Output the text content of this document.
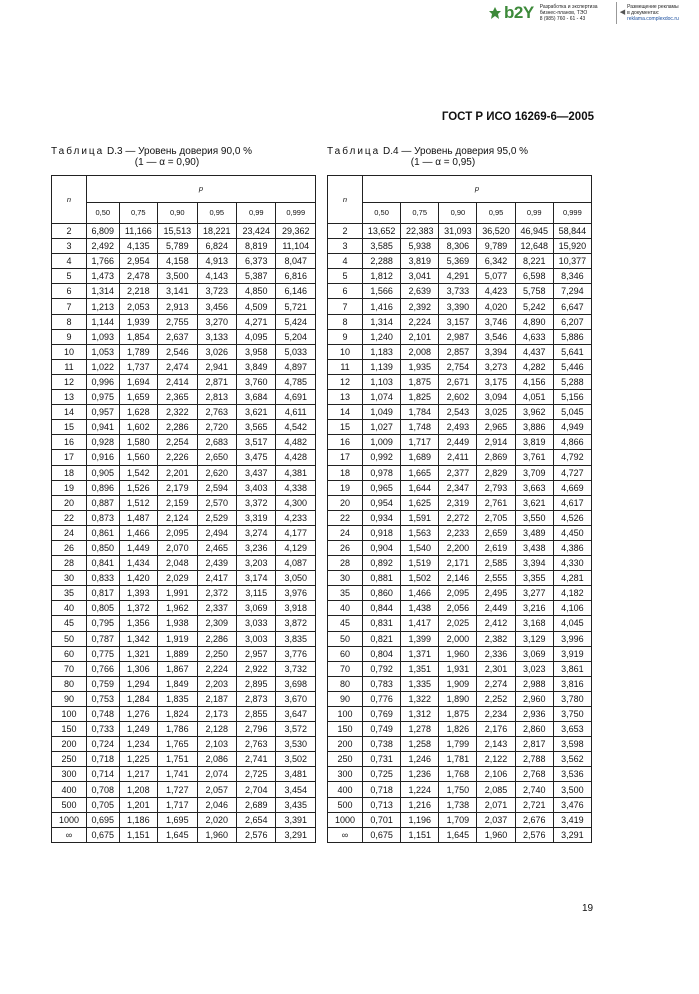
b2Y Разработка и экспертиза
бизнес-планов, ТЭО
8 (985) 760 - 61 - 43
◀
Размещение рекламы
в документах:
reklama.complexdoc.ru
ГОСТ Р ИСО 16269-6—2005
Таблица D.3 — Уровень доверия 90,0 %
(1 — α = 0,90)
Таблица D.4 — Уровень доверия 95,0 %
(1 — α = 0,95)
n	p					
	0,50	0,75	0,90	0,95	0,99	0,999
2	6,809	11,166	15,513	18,221	23,424	29,362
3	2,492	4,135	5,789	6,824	8,819	11,104
4	1,766	2,954	4,158	4,913	6,373	8,047
5	1,473	2,478	3,500	4,143	5,387	6,816
6	1,314	2,218	3,141	3,723	4,850	6,146
7	1,213	2,053	2,913	3,456	4,509	5,721
8	1,144	1,939	2,755	3,270	4,271	5,424
9	1,093	1,854	2,637	3,133	4,095	5,204
10	1,053	1,789	2,546	3,026	3,958	5,033
11	1,022	1,737	2,474	2,941	3,849	4,897
12	0,996	1,694	2,414	2,871	3,760	4,785
13	0,975	1,659	2,365	2,813	3,684	4,691
14	0,957	1,628	2,322	2,763	3,621	4,611
15	0,941	1,602	2,286	2,720	3,565	4,542
16	0,928	1,580	2,254	2,683	3,517	4,482
17	0,916	1,560	2,226	2,650	3,475	4,428
18	0,905	1,542	2,201	2,620	3,437	4,381
19	0,896	1,526	2,179	2,594	3,403	4,338
20	0,887	1,512	2,159	2,570	3,372	4,300
22	0,873	1,487	2,124	2,529	3,319	4,233
24	0,861	1,466	2,095	2,494	3,274	4,177
26	0,850	1,449	2,070	2,465	3,236	4,129
28	0,841	1,434	2,048	2,439	3,203	4,087
30	0,833	1,420	2,029	2,417	3,174	3,050
35	0,817	1,393	1,991	2,372	3,115	3,976
40	0,805	1,372	1,962	2,337	3,069	3,918
45	0,795	1,356	1,938	2,309	3,033	3,872
50	0,787	1,342	1,919	2,286	3,003	3,835
60	0,775	1,321	1,889	2,250	2,957	3,776
70	0,766	1,306	1,867	2,224	2,922	3,732
80	0,759	1,294	1,849	2,203	2,895	3,698
90	0,753	1,284	1,835	2,187	2,873	3,670
100	0,748	1,276	1,824	2,173	2,855	3,647
150	0,733	1,249	1,786	2,128	2,796	3,572
200	0,724	1,234	1,765	2,103	2,763	3,530
250	0,718	1,225	1,751	2,086	2,741	3,502
300	0,714	1,217	1,741	2,074	2,725	3,481
400	0,708	1,208	1,727	2,057	2,704	3,454
500	0,705	1,201	1,717	2,046	2,689	3,435
1000	0,695	1,186	1,695	2,020	2,654	3,391
∞	0,675	1,151	1,645	1,960	2,576	3,291
n	p					
	0,50	0,75	0,90	0,95	0,99	0,999
2	13,652	22,383	31,093	36,520	46,945	58,844
3	3,585	5,938	8,306	9,789	12,648	15,920
4	2,288	3,819	5,369	6,342	8,221	10,377
5	1,812	3,041	4,291	5,077	6,598	8,346
6	1,566	2,639	3,733	4,423	5,758	7,294
7	1,416	2,392	3,390	4,020	5,242	6,647
8	1,314	2,224	3,157	3,746	4,890	6,207
9	1,240	2,101	2,987	3,546	4,633	5,886
10	1,183	2,008	2,857	3,394	4,437	5,641
11	1,139	1,935	2,754	3,273	4,282	5,446
12	1,103	1,875	2,671	3,175	4,156	5,288
13	1,074	1,825	2,602	3,094	4,051	5,156
14	1,049	1,784	2,543	3,025	3,962	5,045
15	1,027	1,748	2,493	2,965	3,886	4,949
16	1,009	1,717	2,449	2,914	3,819	4,866
17	0,992	1,689	2,411	2,869	3,761	4,792
18	0,978	1,665	2,377	2,829	3,709	4,727
19	0,965	1,644	2,347	2,793	3,663	4,669
20	0,954	1,625	2,319	2,761	3,621	4,617
22	0,934	1,591	2,272	2,705	3,550	4,526
24	0,918	1,563	2,233	2,659	3,489	4,450
26	0,904	1,540	2,200	2,619	3,438	4,386
28	0,892	1,519	2,171	2,585	3,394	4,330
30	0,881	1,502	2,146	2,555	3,355	4,281
35	0,860	1,466	2,095	2,495	3,277	4,182
40	0,844	1,438	2,056	2,449	3,216	4,106
45	0,831	1,417	2,025	2,412	3,168	4,045
50	0,821	1,399	2,000	2,382	3,129	3,996
60	0,804	1,371	1,960	2,336	3,069	3,919
70	0,792	1,351	1,931	2,301	3,023	3,861
80	0,783	1,335	1,909	2,274	2,988	3,816
90	0,776	1,322	1,890	2,252	2,960	3,780
100	0,769	1,312	1,875	2,234	2,936	3,750
150	0,749	1,278	1,826	2,176	2,860	3,653
200	0,738	1,258	1,799	2,143	2,817	3,598
250	0,731	1,246	1,781	2,122	2,788	3,562
300	0,725	1,236	1,768	2,106	2,768	3,536
400	0,718	1,224	1,750	2,085	2,740	3,500
500	0,713	1,216	1,738	2,071	2,721	3,476
1000	0,701	1,196	1,709	2,037	2,676	3,419
∞	0,675	1,151	1,645	1,960	2,576	3,291
19
